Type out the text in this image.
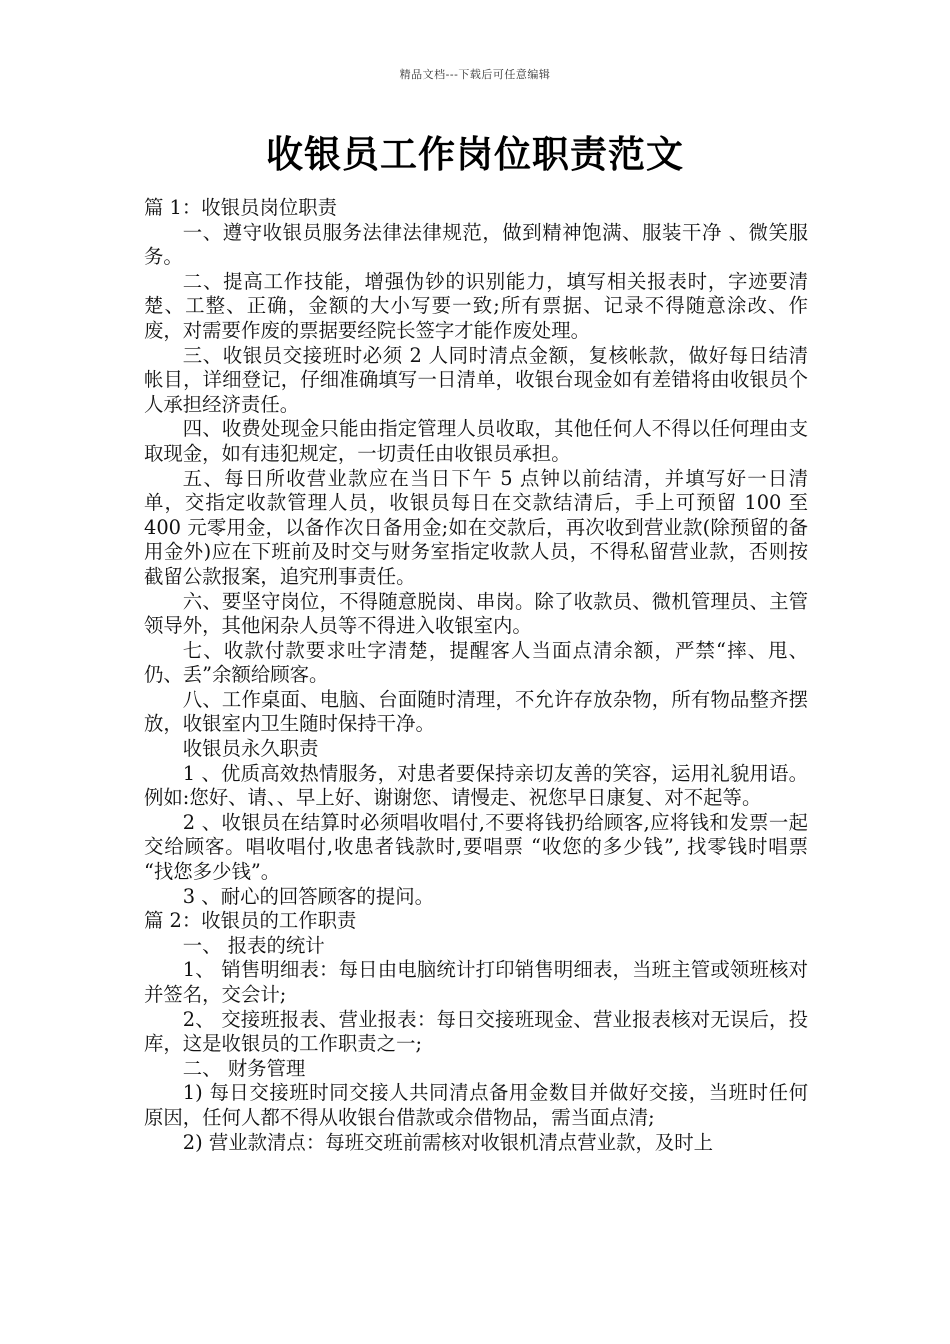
精品文档---下载后可任意编辑
收银员工作岗位职责范文

篇 1：收银员岗位职责

一、遵守收银员服务法律法律规范，做到精神饱满、服装干净 、微笑服务。

二、提高工作技能，增强伪钞的识别能力，填写相关报表时，字迹要清楚、工整、正确，金额的大小写要一致;所有票据、记录不得随意涂改、作废，对需要作废的票据要经院长签字才能作废处理。

三、收银员交接班时必须 2 人同时清点金额，复核帐款，做好每日结清帐目，详细登记，仔细准确填写一日清单，收银台现金如有差错将由收银员个人承担经济责任。

四、收费处现金只能由指定管理人员收取，其他任何人不得以任何理由支取现金，如有违犯规定，一切责任由收银员承担。

五、每日所收营业款应在当日下午 5 点钟以前结清，并填写好一日清单，交指定收款管理人员，收银员每日在交款结清后，手上可预留 100 至 400 元零用金，以备作次日备用金;如在交款后，再次收到营业款(除预留的备用金外)应在下班前及时交与财务室指定收款人员，不得私留营业款，否则按截留公款报案，追究刑事责任。

六、要坚守岗位，不得随意脱岗、串岗。除了收款员、微机管理员、主管领导外，其他闲杂人员等不得进入收银室内。

七、收款付款要求吐字清楚，提醒客人当面点清余额，严禁“摔、甩、仍、丢”余额给顾客。

八、工作桌面、电脑、台面随时清理，不允许存放杂物，所有物品整齐摆放，收银室内卫生随时保持干净。

收银员永久职责

1 、优质高效热情服务，对患者要保持亲切友善的笑容，运用礼貌用语。例如:您好、请、、早上好、谢谢您、请慢走、祝您早日康复、对不起等。

2 、收银员在结算时必须唱收唱付,不要将钱扔给顾客,应将钱和发票一起交给顾客。唱收唱付,收患者钱款时,要唱票 “收您的多少钱”, 找零钱时唱票 “找您多少钱”。

3 、耐心的回答顾客的提问。

篇 2：收银员的工作职责

一、 报表的统计

1、 销售明细表：每日由电脑统计打印销售明细表，当班主管或领班核对并签名，交会计;

2、 交接班报表、营业报表：每日交接班现金、营业报表核对无误后，投库，这是收银员的工作职责之一;

二、 财务管理

1) 每日交接班时同交接人共同清点备用金数目并做好交接，当班时任何原因，任何人都不得从收银台借款或佘借物品，需当面点清;

2) 营业款清点：每班交班前需核对收银机清点营业款，及时上
